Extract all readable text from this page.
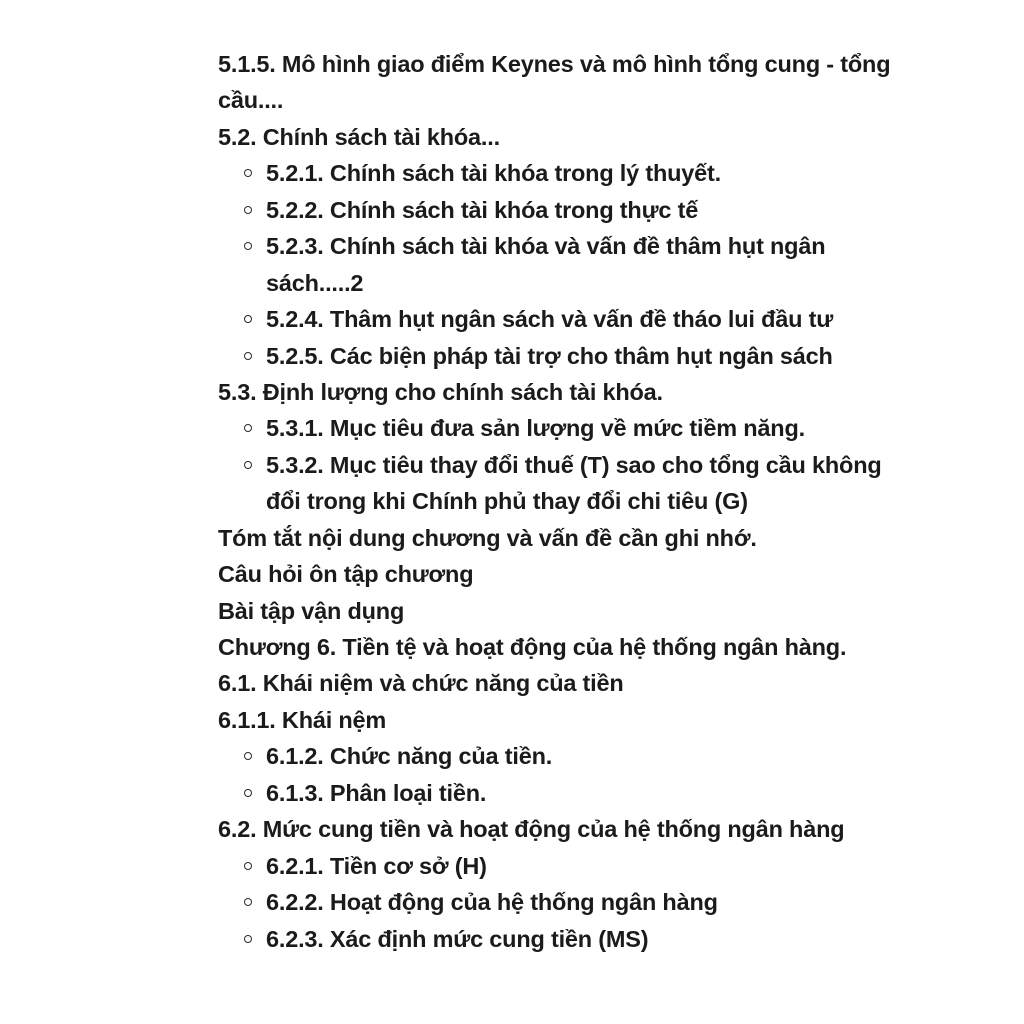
5.1.5. Mô hình giao điểm Keynes và mô hình tổng cung - tổng
cầu....
5.2. Chính sách tài khóa...
5.2.1. Chính sách tài khóa trong lý thuyết.
5.2.2. Chính sách tài khóa trong thực tế
5.2.3. Chính sách tài khóa và vấn đề thâm hụt ngân
sách.....2
5.2.4. Thâm hụt ngân sách và vấn đề tháo lui đầu tư
5.2.5. Các biện pháp tài trợ cho thâm hụt ngân sách
5.3. Định lượng cho chính sách tài khóa.
5.3.1. Mục tiêu đưa sản lượng về mức tiềm năng.
5.3.2. Mục tiêu thay đổi thuế (T) sao cho tổng cầu không
đổi trong khi Chính phủ thay đổi chi tiêu (G)
Tóm tắt nội dung chương và vấn đề cần ghi nhớ.
Câu hỏi ôn tập chương
Bài tập vận dụng
Chương 6. Tiền tệ và hoạt động của hệ thống ngân hàng.
6.1. Khái niệm và chức năng của tiền
6.1.1. Khái nệm
6.1.2. Chức năng của tiền.
6.1.3. Phân loại tiền.
6.2. Mức cung tiền và hoạt động của hệ thống ngân hàng
6.2.1. Tiền cơ sở (H)
6.2.2. Hoạt động của hệ thống ngân hàng
6.2.3. Xác định mức cung tiền (MS)
